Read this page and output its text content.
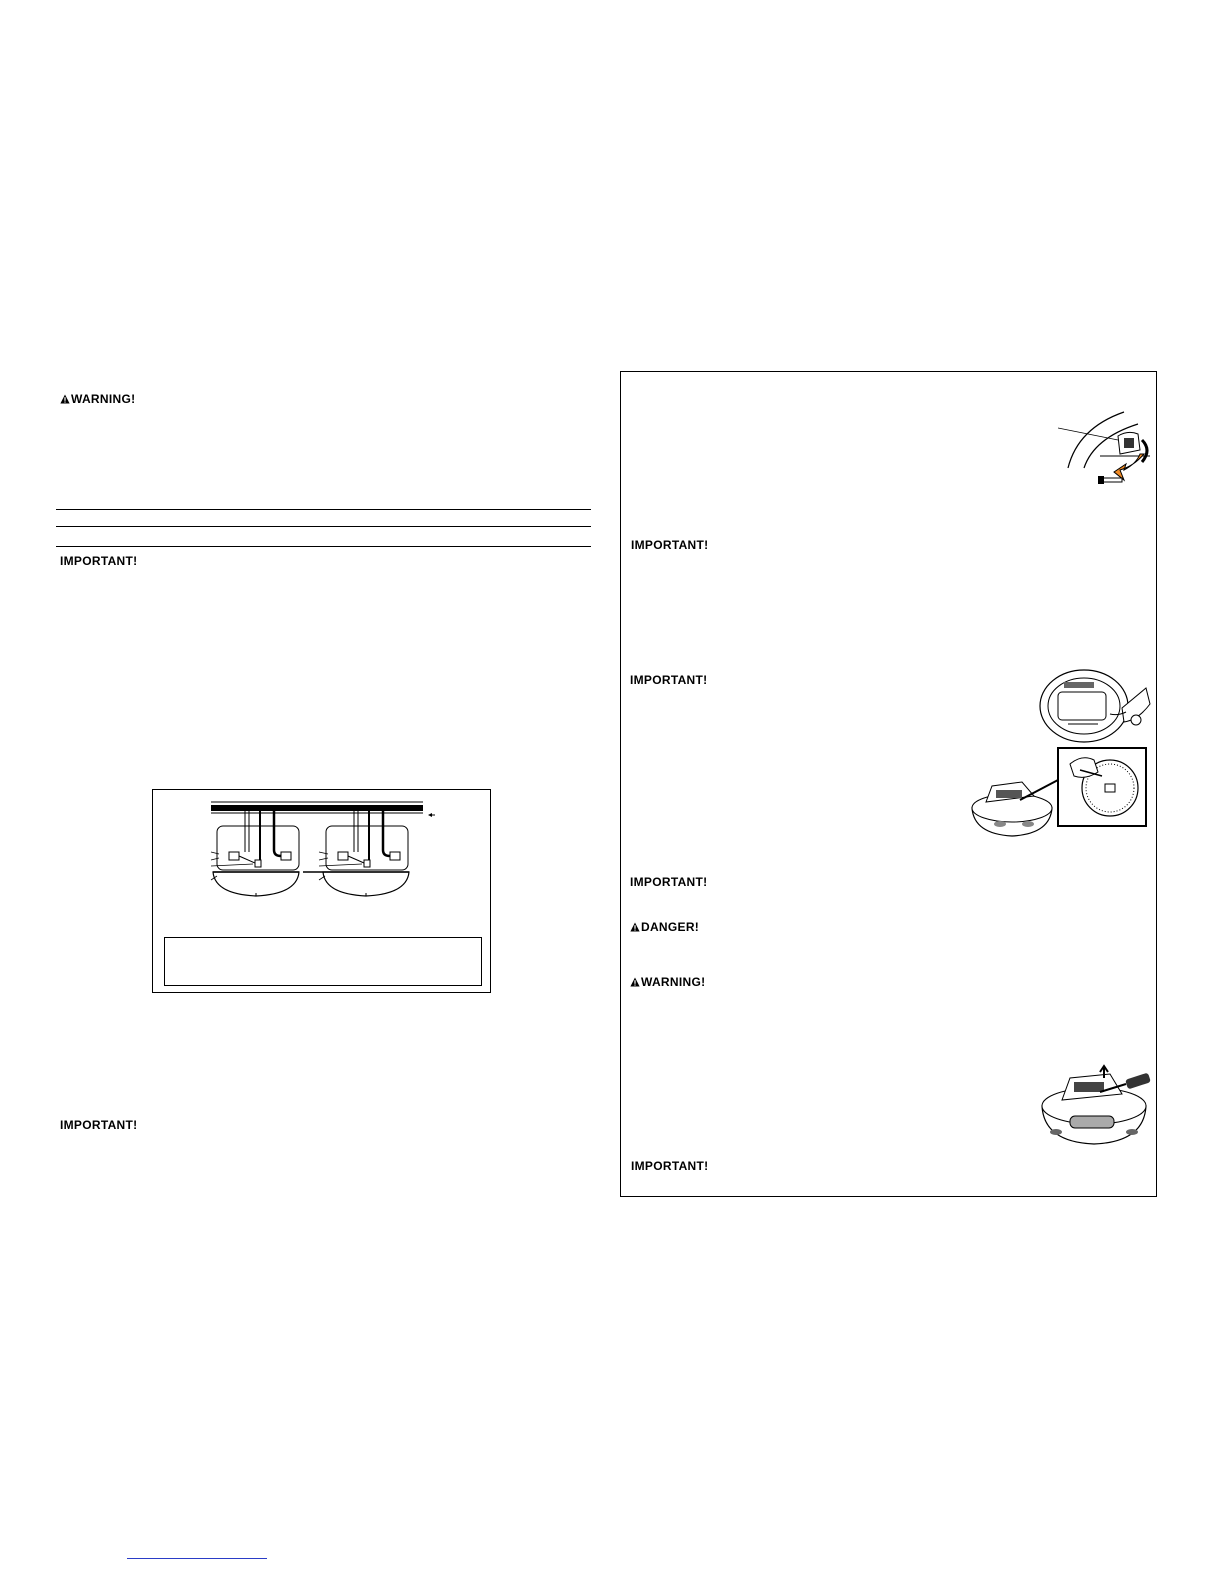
WARNING!
IMPORTANT!
IMPORTANT!
IMPORTANT!
IMPORTANT!
IMPORTANT!
DANGER!
WARNING!
IMPORTANT!
